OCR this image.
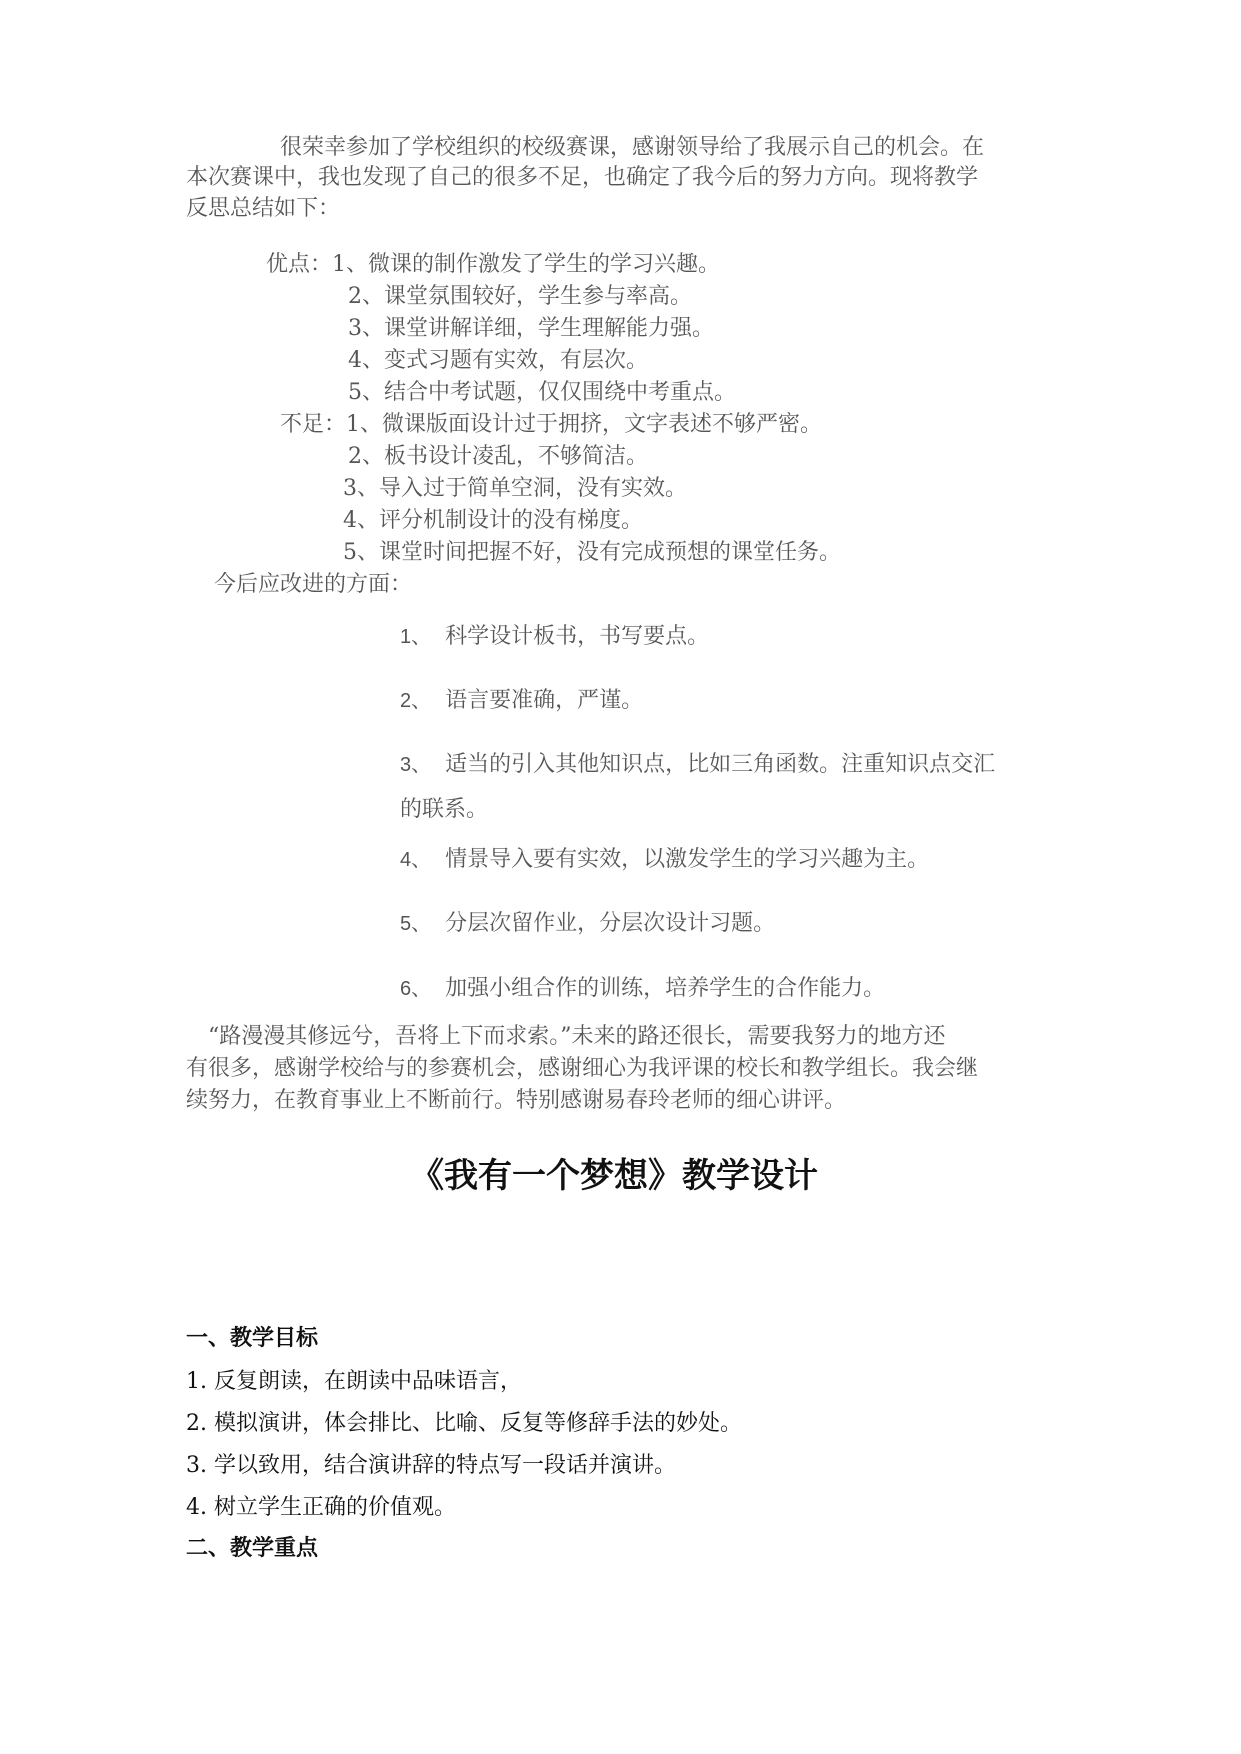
很荣幸参加了学校组织的校级赛课，感谢领导给了我展示自己的机会。在
本次赛课中，我也发现了自己的很多不足，也确定了我今后的努力方向。现将教学
反思总结如下：
优点： 1、微课的制作激发了学生的学习兴趣。
2、课堂氛围较好，学生参与率高。
3、课堂讲解详细，学生理解能力强。
4、变式习题有实效，有层次。
5、结合中考试题，仅仅围绕中考重点。
不足： 1、微课版面设计过于拥挤，文字表述不够严密。
2、板书设计凌乱，不够简洁。
3、导入过于简单空洞，没有实效。
4、评分机制设计的没有梯度。
5、课堂时间把握不好，没有完成预想的课堂任务。
今后应改进的方面：
1、 科学设计板书，书写要点。
2、 语言要准确，严谨。
3、 适当的引入其他知识点，比如三角函数。注重知识点交汇
的联系。
4、 情景导入要有实效，以激发学生的学习兴趣为主。
5、 分层次留作业，分层次设计习题。
6、 加强小组合作的训练，培养学生的合作能力。
“路漫漫其修远兮，吾将上下而求索。”未来的路还很长，需要我努力的地方还
有很多，感谢学校给与的参赛机会，感谢细心为我评课的校长和教学组长。我会继
续努力，在教育事业上不断前行。特别感谢易春玲老师的细心讲评。
《我有一个梦想》教学设计
一、教学目标
1. 反复朗读，在朗读中品味语言，
2. 模拟演讲，体会排比、比喻、反复等修辞手法的妙处。
3. 学以致用，结合演讲辞的特点写一段话并演讲。
4. 树立学生正确的价值观。
二、教学重点
